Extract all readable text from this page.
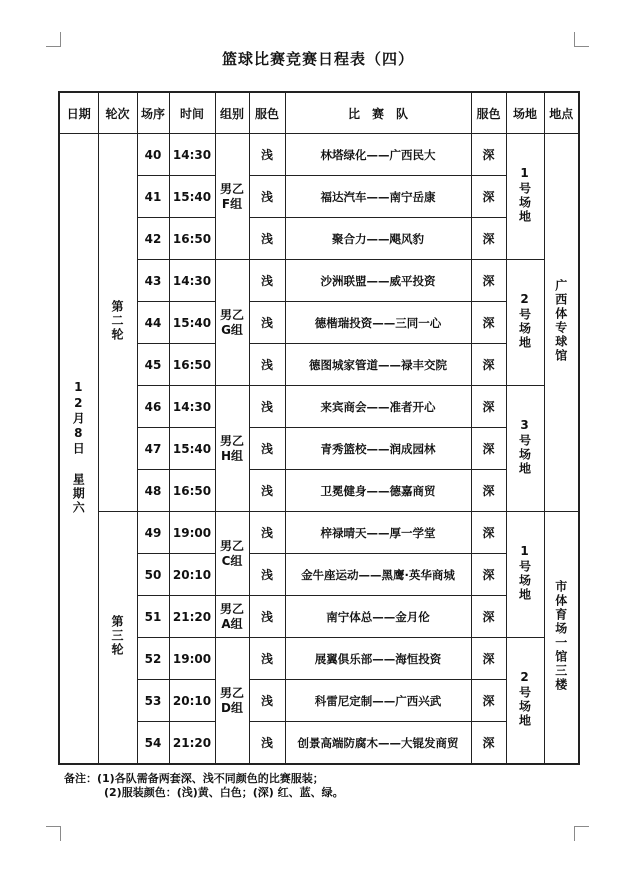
篮球比赛竞赛日程表（四）
日期	轮次	场序	时间	组别	服色	比　赛　队	服色	场地	地点
12月8日

星期六	第二轮	40	14:30	男乙F组	浅	林塔绿化——广西民大	深	1号场地	广西体专球馆
		41	15:40		浅	福达汽车——南宁岳康	深		
		42	16:50		浅	聚合力——飓风豹	深		
		43	14:30	男乙G组	浅	沙洲联盟——威平投资	深	2号场地	
		44	15:40		浅	德楷瑞投资——三同一心	深		
		45	16:50		浅	德图城家管道——禄丰交院	深		
		46	14:30	男乙H组	浅	来宾商会——准者开心	深	3号场地	
		47	15:40		浅	青秀篮校——润成园林	深		
		48	16:50		浅	卫冕健身——德嘉商贸	深		
	第三轮	49	19:00	男乙C组	浅	梓禄晴天——厚一学堂	深	1号场地	市体育场一馆三楼
		50	20:10		浅	金牛座运动——黑鹰·英华商城	深		
		51	21:20	男乙A组	浅	南宁体总——金月伦	深		
		52	19:00	男乙D组	浅	展翼俱乐部——海恒投资	深	2号场地	
		53	20:10		浅	科雷尼定制——广西兴武	深		
		54	21:20		浅	创景高端防腐木——大锟发商贸	深		
备注：(1)各队需备两套深、浅不同颜色的比赛服装；
(2)服装颜色：(浅)黄、白色；(深) 红、蓝、绿。
